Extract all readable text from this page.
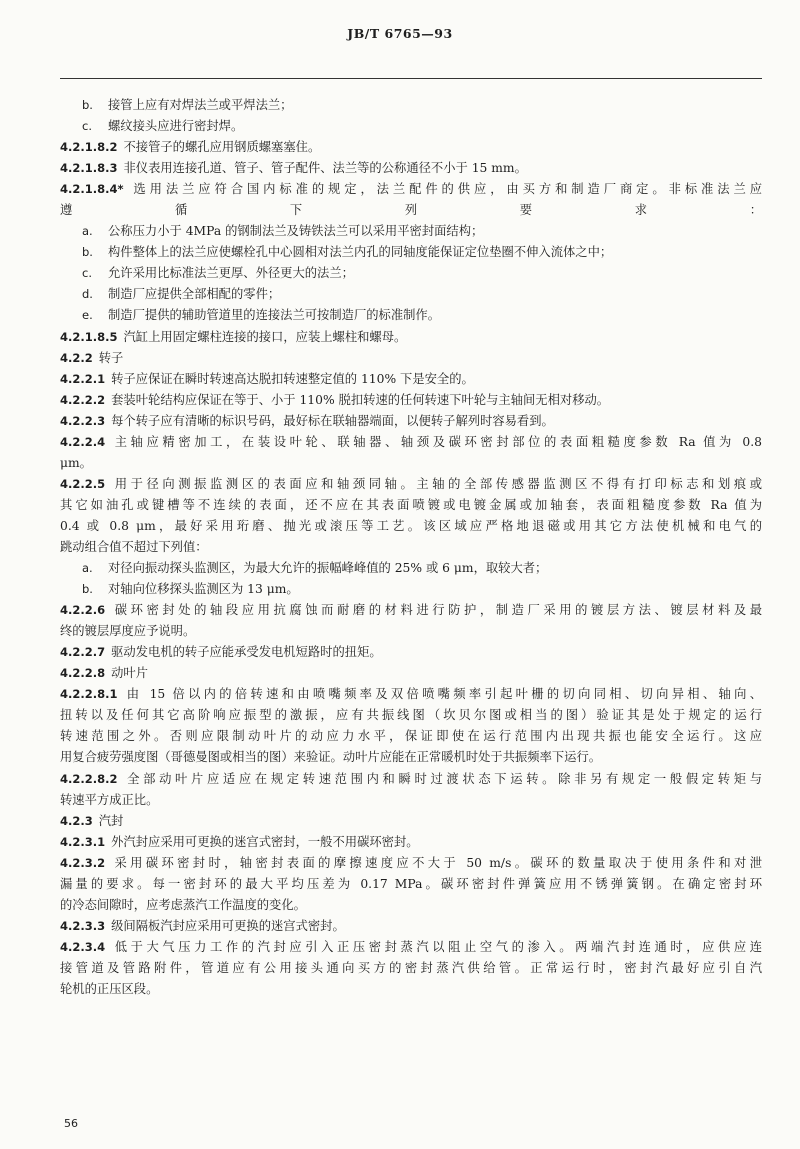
JB/T 6765—93
b. 接管上应有对焊法兰或平焊法兰；
c. 螺纹接头应进行密封焊。
4.2.1.8.2 不接管子的螺孔应用钢质螺塞塞住。
4.2.1.8.3 非仪表用连接孔道、管子、管子配件、法兰等的公称通径不小于 15 mm。
4.2.1.8.4* 选用法兰应符合国内标准的规定，法兰配件的供应，由买方和制造厂商定。非标准法兰应
遵循下列要求：
a. 公称压力小于 4MPa 的钢制法兰及铸铁法兰可以采用平密封面结构；
b. 构件整体上的法兰应使螺栓孔中心圆相对法兰内孔的同轴度能保证定位垫圈不伸入流体之中；
c. 允许采用比标准法兰更厚、外径更大的法兰；
d. 制造厂应提供全部相配的零件；
e. 制造厂提供的辅助管道里的连接法兰可按制造厂的标准制作。
4.2.1.8.5 汽缸上用固定螺柱连接的接口，应装上螺柱和螺母。
4.2.2 转子
4.2.2.1 转子应保证在瞬时转速高达脱扣转速整定值的 110% 下是安全的。
4.2.2.2 套装叶轮结构应保证在等于、小于 110% 脱扣转速的任何转速下叶轮与主轴间无相对移动。
4.2.2.3 每个转子应有清晰的标识号码，最好标在联轴器端面，以便转子解列时容易看到。
4.2.2.4 主轴应精密加工，在装设叶轮、联轴器、轴颈及碳环密封部位的表面粗糙度参数 Ra 值为 0.8
μm。
4.2.2.5 用于径向测振监测区的表面应和轴颈同轴。主轴的全部传感器监测区不得有打印标志和划痕或
其它如油孔或键槽等不连续的表面，还不应在其表面喷镀或电镀金属或加轴套，表面粗糙度参数 Ra 值为
0.4 或 0.8 μm，最好采用珩磨、抛光或滚压等工艺。该区域应严格地退磁或用其它方法使机械和电气的
跳动组合值不超过下列值：
a. 对径向振动探头监测区，为最大允许的振幅峰峰值的 25% 或 6 μm，取较大者；
b. 对轴向位移探头监测区为 13 μm。
4.2.2.6 碳环密封处的轴段应用抗腐蚀而耐磨的材料进行防护，制造厂采用的镀层方法、镀层材料及最
终的镀层厚度应予说明。
4.2.2.7 驱动发电机的转子应能承受发电机短路时的扭矩。
4.2.2.8 动叶片
4.2.2.8.1 由 15 倍以内的倍转速和由喷嘴频率及双倍喷嘴频率引起叶栅的切向同相、切向异相、轴向、
扭转以及任何其它高阶响应振型的激振，应有共振线图（坎贝尔图或相当的图）验证其是处于规定的运行
转速范围之外。否则应限制动叶片的动应力水平，保证即使在运行范围内出现共振也能安全运行。这应
用复合疲劳强度图（哥德曼图或相当的图）来验证。动叶片应能在正常暖机时处于共振频率下运行。
4.2.2.8.2 全部动叶片应适应在规定转速范围内和瞬时过渡状态下运转。除非另有规定一般假定转矩与
转速平方成正比。
4.2.3 汽封
4.2.3.1 外汽封应采用可更换的迷宫式密封，一般不用碳环密封。
4.2.3.2 采用碳环密封时，轴密封表面的摩擦速度应不大于 50 m/s。碳环的数量取决于使用条件和对泄
漏量的要求。每一密封环的最大平均压差为 0.17 MPa。碳环密封件弹簧应用不锈弹簧钢。在确定密封环
的冷态间隙时，应考虑蒸汽工作温度的变化。
4.2.3.3 级间隔板汽封应采用可更换的迷宫式密封。
4.2.3.4 低于大气压力工作的汽封应引入正压密封蒸汽以阻止空气的渗入。两端汽封连通时，应供应连
接管道及管路附件，管道应有公用接头通向买方的密封蒸汽供给管。正常运行时，密封汽最好应引自汽
轮机的正压区段。
56
